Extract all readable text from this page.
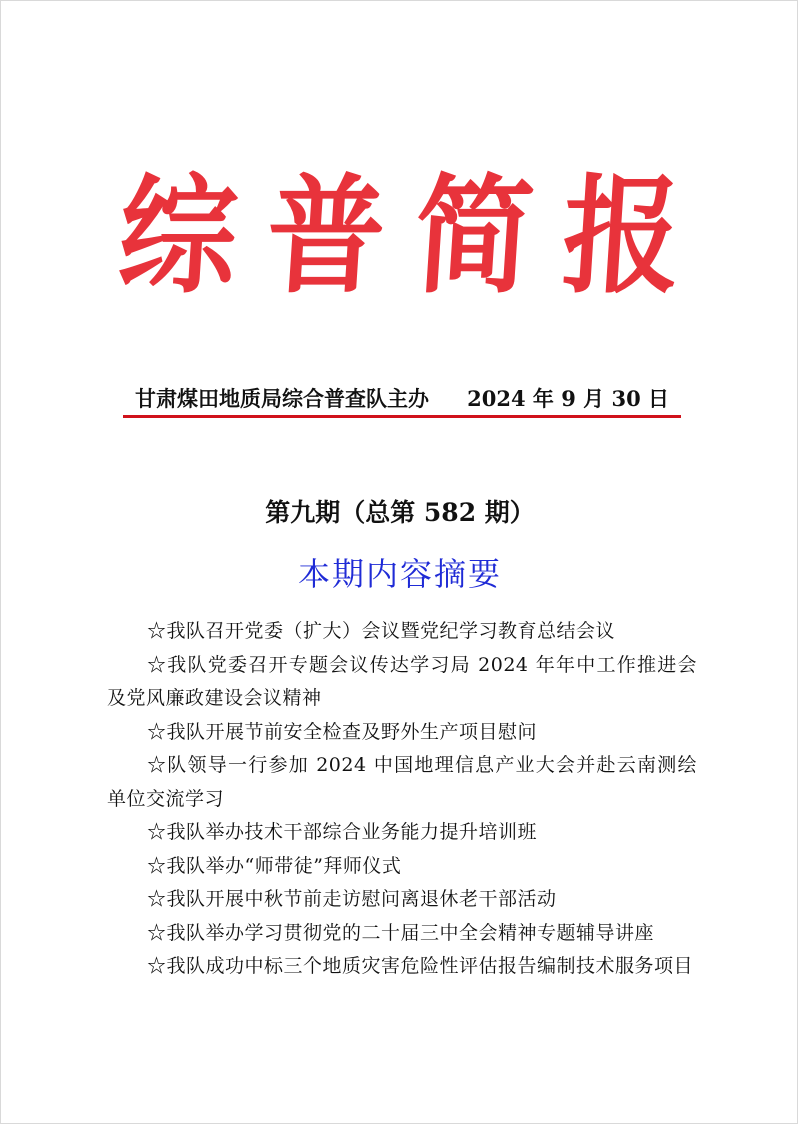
综 普 简 报
甘肃煤田地质局综合普查队主办 2024 年 9 月 30 日
第九期（总第 582 期）
本期内容摘要
☆我队召开党委（扩大）会议暨党纪学习教育总结会议
☆我队党委召开专题会议传达学习局 2024 年年中工作推进会及党风廉政建设会议精神
☆我队开展节前安全检查及野外生产项目慰问
☆队领导一行参加 2024 中国地理信息产业大会并赴云南测绘单位交流学习
☆我队举办技术干部综合业务能力提升培训班
☆我队举办“师带徒”拜师仪式
☆我队开展中秋节前走访慰问离退休老干部活动
☆我队举办学习贯彻党的二十届三中全会精神专题辅导讲座
☆我队成功中标三个地质灾害危险性评估报告编制技术服务项目
